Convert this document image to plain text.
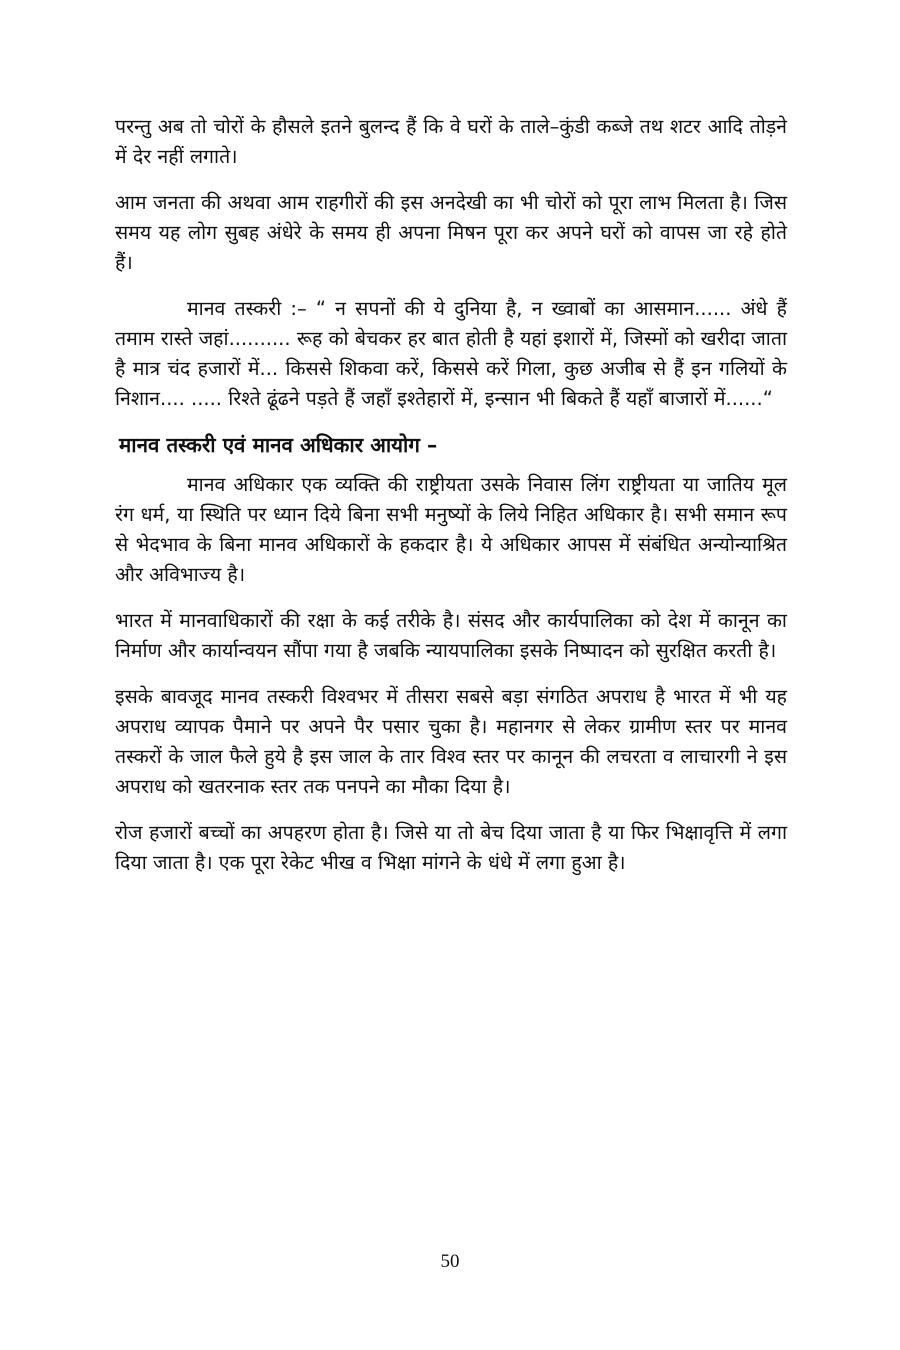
परन्तु अब तो चोरों के हौसले इतने बुलन्द हैं कि वे घरों के ताले–कुंडी कब्जे तथ शटर आदि तोड़ने में देर नहीं लगाते।

आम जनता की अथवा आम राहगीरों की इस अनदेखी का भी चोरों को पूरा लाभ मिलता है। जिस समय यह लोग सुबह अंधेरे के समय ही अपना मिषन पूरा कर अपने घरों को वापस जा रहे होते हैं।

मानव तस्करी :– “ न सपनों की ये दुनिया है, न ख्वाबों का आसमान...... अंधे हैं तमाम रास्ते जहां.......... रूह को बेचकर हर बात होती है यहां इशारों में, जिस्मों को खरीदा जाता है मात्र चंद हजारों में... किससे शिकवा करें, किससे करें गिला, कुछ अजीब से हैं इन गलियों के निशान.... ..... रिश्ते ढूंढने पड़ते हैं जहाँ इश्तेहारों में, इन्सान भी बिकते हैं यहाँ बाजारों में......“

मानव तस्करी एवं मानव अधिकार आयोग –

मानव अधिकार एक व्यक्ति की राष्ट्रीयता उसके निवास लिंग राष्ट्रीयता या जातिय मूल रंग धर्म, या स्थिति पर ध्यान दिये बिना सभी मनुष्यों के लिये निहित अधिकार है। सभी समान रूप से भेदभाव के बिना मानव अधिकारों के हकदार है। ये अधिकार आपस में संबंधित अन्योन्याश्रित और अविभाज्य है।

भारत में मानवाधिकारों की रक्षा के कई तरीके है। संसद और कार्यपालिका को देश में कानून का निर्माण और कार्यान्वयन सौंपा गया है जबकि न्यायपालिका इसके निष्पादन को सुरक्षित करती है।

इसके बावजूद मानव तस्करी विश्वभर में तीसरा सबसे बड़ा संगठित अपराध है भारत में भी यह अपराध व्यापक पैमाने पर अपने पैर पसार चुका है। महानगर से लेकर ग्रामीण स्तर पर मानव तस्करों के जाल फैले हुये है इस जाल के तार विश्व स्तर पर कानून की लचरता व लाचारगी ने इस अपराध को खतरनाक स्तर तक पनपने का मौका दिया है।

रोज हजारों बच्चों का अपहरण होता है। जिसे या तो बेच दिया जाता है या फिर भिक्षावृत्ति में लगा दिया जाता है। एक पूरा रेकेट भीख व भिक्षा मांगने के धंधे में लगा हुआ है।

50
